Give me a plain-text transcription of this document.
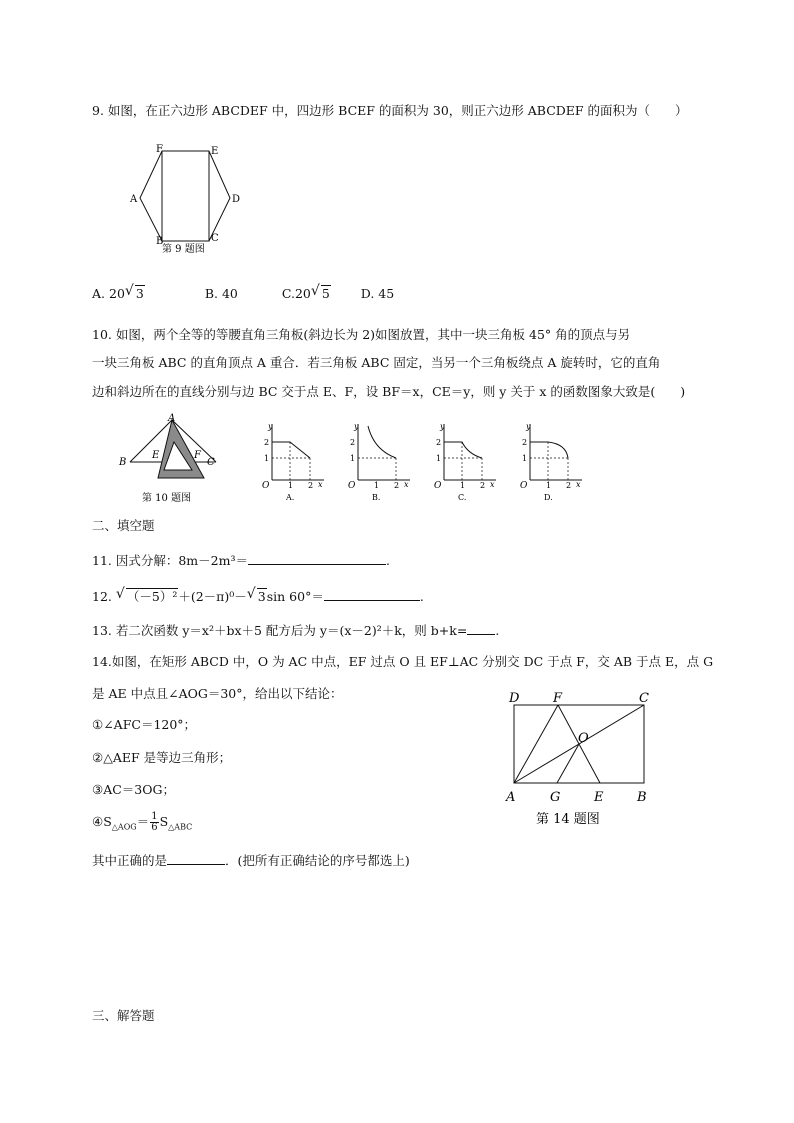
9. 如图，在正六边形 ABCDEF 中，四边形 BCEF 的面积为 30，则正六边形 ABCDEF 的面积为（　　）
F	E
A	D
B	C
第 9 题图
A. 20 √ 3	B. 40	C.20 √ 5 D. 45
10. 如图，两个全等的等腰直角三角板(斜边长为 2)如图放置，其中一块三角板 45° 角的顶点与另
一块三角板 ABC 的直角顶点 A 重合．若三角板 ABC 固定，当另一个三角板绕点 A 旋转时，它的直角
边和斜边所在的直线分别与边 BC 交于点 E、F，设 BF＝x，CE＝y，则 y 关于 x 的函数图象大致是(　　)
A
B	C
E	F
第 10 题图
y
x
O
2
1
1 2
A.
y
x
O
2
1
1 2
B.
y
x
O
2
1
1 2
C.
y
x
O
2
1
1 2
D.
二、填空题
11. 因式分解：8m－2m³＝	.
12. √ （－5）²＋(2－π)⁰－ √ 3sin 60°＝	.
13. 若二次函数 y＝x²＋bx＋5 配方后为 y＝(x－2)²＋k，则 b+k= .
14.如图，在矩形 ABCD 中，O 为 AC 中点，EF 过点 O 且 EF⊥AC 分别交 DC 于点 F，交 AB 于点 E，点 G
是 AE 中点且∠AOG＝30°，给出以下结论：
①∠AFC＝120°；
②△AEF 是等边三角形；
③AC＝3OG；
$④S_{\triangle AOG}= \frac{1}{6} S_{\triangle ABC}$
其中正确的是	．(把所有正确结论的序号都选上)
D	F	C
O
A	G	E	B
第 14 题图
三、解答题
